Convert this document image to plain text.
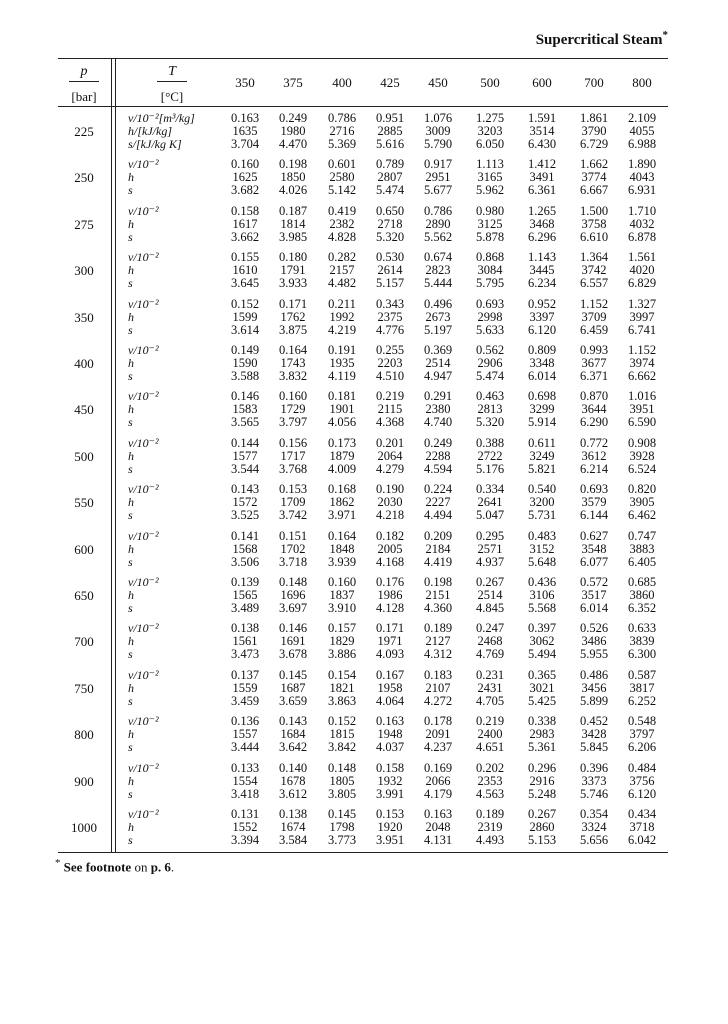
Supercritical Steam*
p
[bar]
T
[°C]
350	375	400	425	450	500	600	700	800
225
v/10⁻²[m³/kg]	0.163	0.249	0.786	0.951	1.076	1.275	1.591	1.861	2.109
h/[kJ/kg]	1635	1980	2716	2885	3009	3203	3514	3790	4055
s/[kJ/kg K]	3.704	4.470	5.369	5.616	5.790	6.050	6.430	6.729	6.988
250
v/10⁻²	0.160	0.198	0.601	0.789	0.917	1.113	1.412	1.662	1.890
h	1625	1850	2580	2807	2951	3165	3491	3774	4043
s	3.682	4.026	5.142	5.474	5.677	5.962	6.361	6.667	6.931
275
v/10⁻²	0.158	0.187	0.419	0.650	0.786	0.980	1.265	1.500	1.710
h	1617	1814	2382	2718	2890	3125	3468	3758	4032
s	3.662	3.985	4.828	5.320	5.562	5.878	6.296	6.610	6.878
300
v/10⁻²	0.155	0.180	0.282	0.530	0.674	0.868	1.143	1.364	1.561
h	1610	1791	2157	2614	2823	3084	3445	3742	4020
s	3.645	3.933	4.482	5.157	5.444	5.795	6.234	6.557	6.829
350
v/10⁻²	0.152	0.171	0.211	0.343	0.496	0.693	0.952	1.152	1.327
h	1599	1762	1992	2375	2673	2998	3397	3709	3997
s	3.614	3.875	4.219	4.776	5.197	5.633	6.120	6.459	6.741
400
v/10⁻²	0.149	0.164	0.191	0.255	0.369	0.562	0.809	0.993	1.152
h	1590	1743	1935	2203	2514	2906	3348	3677	3974
s	3.588	3.832	4.119	4.510	4.947	5.474	6.014	6.371	6.662
450
v/10⁻²	0.146	0.160	0.181	0.219	0.291	0.463	0.698	0.870	1.016
h	1583	1729	1901	2115	2380	2813	3299	3644	3951
s	3.565	3.797	4.056	4.368	4.740	5.320	5.914	6.290	6.590
500
v/10⁻²	0.144	0.156	0.173	0.201	0.249	0.388	0.611	0.772	0.908
h	1577	1717	1879	2064	2288	2722	3249	3612	3928
s	3.544	3.768	4.009	4.279	4.594	5.176	5.821	6.214	6.524
550
v/10⁻²	0.143	0.153	0.168	0.190	0.224	0.334	0.540	0.693	0.820
h	1572	1709	1862	2030	2227	2641	3200	3579	3905
s	3.525	3.742	3.971	4.218	4.494	5.047	5.731	6.144	6.462
600
v/10⁻²	0.141	0.151	0.164	0.182	0.209	0.295	0.483	0.627	0.747
h	1568	1702	1848	2005	2184	2571	3152	3548	3883
s	3.506	3.718	3.939	4.168	4.419	4.937	5.648	6.077	6.405
650
v/10⁻²	0.139	0.148	0.160	0.176	0.198	0.267	0.436	0.572	0.685
h	1565	1696	1837	1986	2151	2514	3106	3517	3860
s	3.489	3.697	3.910	4.128	4.360	4.845	5.568	6.014	6.352
700
v/10⁻²	0.138	0.146	0.157	0.171	0.189	0.247	0.397	0.526	0.633
h	1561	1691	1829	1971	2127	2468	3062	3486	3839
s	3.473	3.678	3.886	4.093	4.312	4.769	5.494	5.955	6.300
750
v/10⁻²	0.137	0.145	0.154	0.167	0.183	0.231	0.365	0.486	0.587
h	1559	1687	1821	1958	2107	2431	3021	3456	3817
s	3.459	3.659	3.863	4.064	4.272	4.705	5.425	5.899	6.252
800
v/10⁻²	0.136	0.143	0.152	0.163	0.178	0.219	0.338	0.452	0.548
h	1557	1684	1815	1948	2091	2400	2983	3428	3797
s	3.444	3.642	3.842	4.037	4.237	4.651	5.361	5.845	6.206
900
v/10⁻²	0.133	0.140	0.148	0.158	0.169	0.202	0.296	0.396	0.484
h	1554	1678	1805	1932	2066	2353	2916	3373	3756
s	3.418	3.612	3.805	3.991	4.179	4.563	5.248	5.746	6.120
1000
v/10⁻²	0.131	0.138	0.145	0.153	0.163	0.189	0.267	0.354	0.434
h	1552	1674	1798	1920	2048	2319	2860	3324	3718
s	3.394	3.584	3.773	3.951	4.131	4.493	5.153	5.656	6.042
* See footnote on p. 6.
